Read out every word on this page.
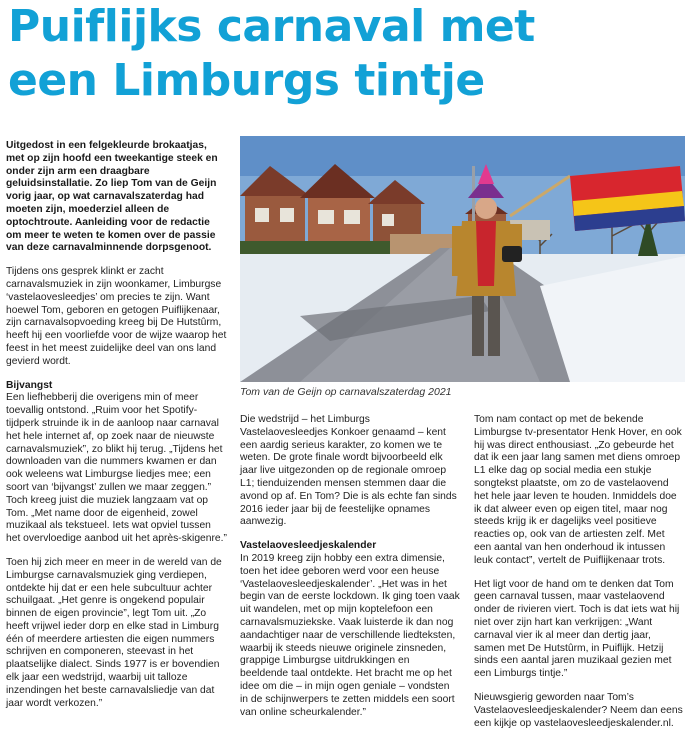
Puiflijks carnaval met
een Limburgs tintje

Uitgedost in een felgekleurde brokaatjas, met op zijn hoofd een tweekantige steek en onder zijn arm een draagbare geluidsinstallatie. Zo liep Tom van de Geijn vorig jaar, op wat carnavalszaterdag had moeten zijn, moederziel alleen de optochtroute. Aanleiding voor de redactie om meer te weten te komen over de passie van deze carnavalminnende dorpsgenoot.

Tijdens ons gesprek klinkt er zacht carnavalsmuziek in zijn woonkamer, Limburgse ‘vastelaovesleedjes’ om precies te zijn. Want hoewel Tom, geboren en getogen Puiflijkenaar, zijn carnavalsopvoeding kreeg bij De Hutstûrm, heeft hij een voorliefde voor de wijze waarop het feest in het meest zuidelijke deel van ons land gevierd wordt.

Bijvangst

Een liefhebberij die overigens min of meer toevallig ontstond. „Ruim voor het Spotify-tijdperk struinde ik in de aanloop naar carnaval het hele internet af, op zoek naar de nieuwste carnavalsmuziek”, zo blikt hij terug. „Tijdens het downloaden van die nummers kwamen er dan ook weleens wat Limburgse liedjes mee; een soort van ‘bijvangst’ zullen we maar zeggen.” Toch kreeg juist die muziek langzaam vat op Tom. „Met name door de eigenheid, zowel muzikaal als tekstueel. Iets wat opviel tussen het overvloedige aanbod uit het après-skigenre.”

Toen hij zich meer en meer in de wereld van de Limburgse carnavalsmuziek ging verdiepen, ontdekte hij dat er een hele subcultuur achter schuilgaat. „Het genre is ongekend populair binnen de eigen provincie”, legt Tom uit. „Zo heeft vrijwel ieder dorp en elke stad in Limburg één of meerdere artiesten die eigen nummers schrijven en componeren, steevast in het plaatselijke dialect. Sinds 1977 is er bovendien elk jaar een wedstrijd, waarbij uit talloze inzendingen het beste carnavalsliedje van dat jaar wordt verkozen.”

Tom van de Geijn op carnavalszaterdag 2021

Die wedstrijd – het Limburgs Vastelaovesleedjes Konkoer genaamd – kent een aardig serieus karakter, zo komen we te weten. De grote finale wordt bijvoorbeeld elk jaar live uitgezonden op de regionale omroep L1; tienduizenden mensen stemmen daar die avond op af. En Tom? Die is als echte fan sinds 2016 ieder jaar bij de feestelijke opnames aanwezig.

Vastelaovesleedjeskalender

In 2019 kreeg zijn hobby een extra dimensie, toen het idee geboren werd voor een heuse ‘Vastelaovesleedjeskalender’. „Het was in het begin van de eerste lockdown. Ik ging toen vaak uit wandelen, met op mijn koptelefoon een carnavalsmuziekske. Vaak luisterde ik dan nog aandachtiger naar de verschillende liedteksten, waarbij ik steeds nieuwe originele zinsneden, grappige Limburgse uitdrukkingen en beeldende taal ontdekte. Het bracht me op het idee om die – in mijn ogen geniale – vondsten in de schijnwerpers te zetten middels een soort van online scheurkalender.”

Tom nam contact op met de bekende Limburgse tv-presentator Henk Hover, en ook hij was direct enthousiast. „Zo gebeurde het dat ik een jaar lang samen met diens omroep L1 elke dag op social media een stukje songtekst plaatste, om zo de vastelaovend het hele jaar leven te houden. Inmiddels doe ik dat alweer even op eigen titel, maar nog steeds krijg ik er dagelijks veel positieve reacties op, ook van de artiesten zelf. Met een aantal van hen onderhoud ik intussen leuk contact”, vertelt de Puiflijkenaar trots.

Het ligt voor de hand om te denken dat Tom geen carnaval tussen, maar vastelaovend onder de rivieren viert. Toch is dat iets wat hij niet over zijn hart kan verkrijgen: „Want carnaval vier ik al meer dan dertig jaar, samen met De Hutstûrm, in Puiflijk. Hetzij sinds een aantal jaren muzikaal gezien met een Limburgs tintje.”

Nieuwsgierig geworden naar Tom’s Vastelaovesleedjeskalender? Neem dan eens een kijkje op vastelaovesleedjeskalender.nl.
